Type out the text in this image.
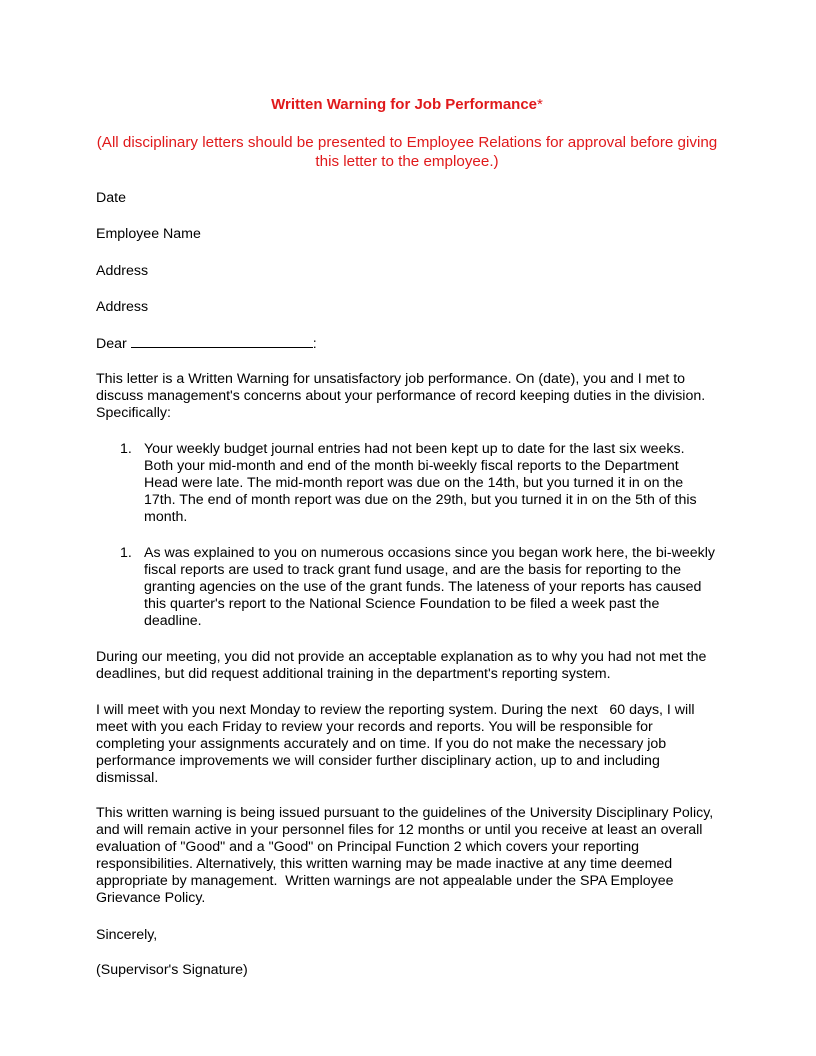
Written Warning for Job Performance*
(All disciplinary letters should be presented to Employee Relations for approval before giving this letter to the employee.)
Date
Employee Name
Address
Address
Dear	:
This letter is a Written Warning for unsatisfactory job performance. On (date), you and I met to discuss management's concerns about your performance of record keeping duties in the division. Specifically:
1. Your weekly budget journal entries had not been kept up to date for the last six weeks. Both your mid-month and end of the month bi-weekly fiscal reports to the Department Head were late. The mid-month report was due on the 14th, but you turned it in on the 17th. The end of month report was due on the 29th, but you turned it in on the 5th of this month.
1. As was explained to you on numerous occasions since you began work here, the bi-weekly fiscal reports are used to track grant fund usage, and are the basis for reporting to the granting agencies on the use of the grant funds. The lateness of your reports has caused this quarter's report to the National Science Foundation to be filed a week past the deadline.
During our meeting, you did not provide an acceptable explanation as to why you had not met the deadlines, but did request additional training in the department's reporting system.
I will meet with you next Monday to review the reporting system. During the next   60 days, I will meet with you each Friday to review your records and reports. You will be responsible for completing your assignments accurately and on time. If you do not make the necessary job performance improvements we will consider further disciplinary action, up to and including dismissal.
This written warning is being issued pursuant to the guidelines of the University Disciplinary Policy, and will remain active in your personnel files for 12 months or until you receive at least an overall evaluation of "Good" and a "Good" on Principal Function 2 which covers your reporting responsibilities. Alternatively, this written warning may be made inactive at any time deemed appropriate by management.  Written warnings are not appealable under the SPA Employee Grievance Policy.
Sincerely,
(Supervisor's Signature)
